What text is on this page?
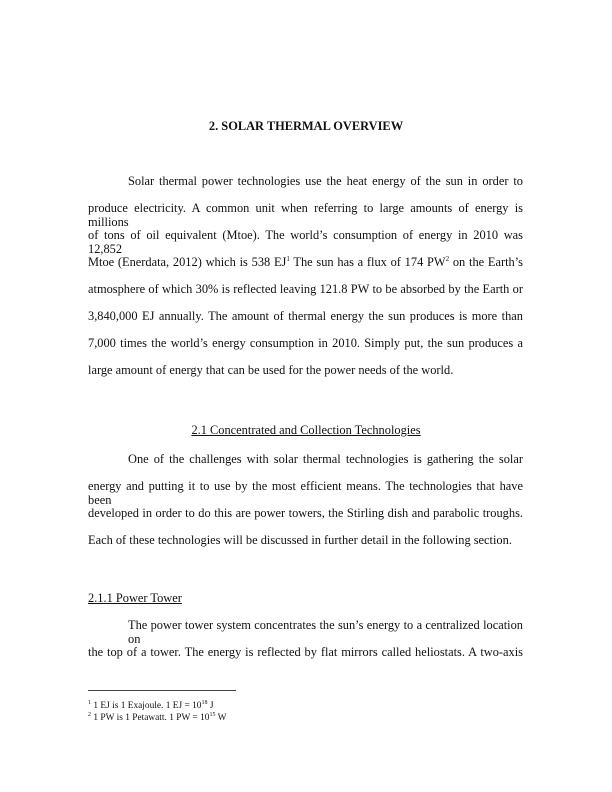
2. SOLAR THERMAL OVERVIEW
Solar thermal power technologies use the heat energy of the sun in order to
produce electricity. A common unit when referring to large amounts of energy is millions
of tons of oil equivalent (Mtoe). The world’s consumption of energy in 2010 was 12,852
Mtoe (Enerdata, 2012) which is 538 $EJ^1$ The sun has a flux of 174 $PW^2$ on the Earth’s
atmosphere of which 30% is reflected leaving 121.8 PW to be absorbed by the Earth or
3,840,000 EJ annually. The amount of thermal energy the sun produces is more than
7,000 times the world’s energy consumption in 2010. Simply put, the sun produces a
large amount of energy that can be used for the power needs of the world.
2.1 Concentrated and Collection Technologies
One of the challenges with solar thermal technologies is gathering the solar
energy and putting it to use by the most efficient means. The technologies that have been
developed in order to do this are power towers, the Stirling dish and parabolic troughs.
Each of these technologies will be discussed in further detail in the following section.
2.1.1 Power Tower
The power tower system concentrates the sun’s energy to a centralized location on
the top of a tower. The energy is reflected by flat mirrors called heliostats. A two-axis
$^1$ 1 EJ is 1 Exajoule. 1 EJ = $10^{18}$ J
$^2$ 1 PW is 1 Petawatt. 1 PW = $10^{15}$ W
